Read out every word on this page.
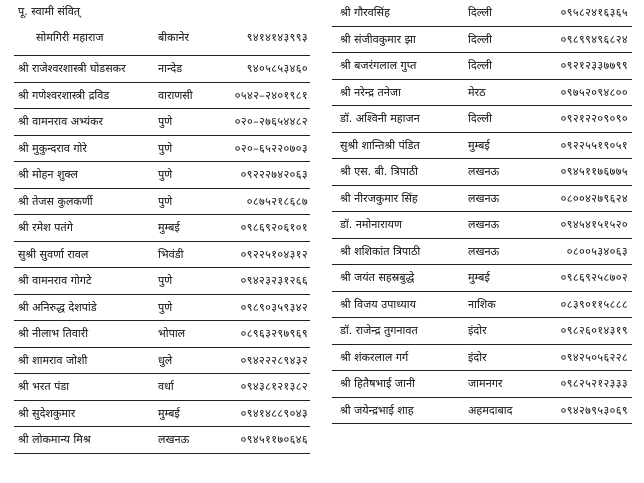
पू. स्वामी संवित्
सोमगिरी महाराज	बीकानेर	९४१४१४३९९३
श्री राजेश्वरशास्त्री घोडसकर	नान्देड	९४०५८५३४६०
श्री गणेश्वरशास्त्री द्रविड	वाराणसी	०५४२–२४०१९८१
श्री वामनराव अभ्यंकर	पुणे	०२०–२७६५४४८२
श्री मुकुन्दराव गोरे	पुणे	०२०–६५२२०७०३
श्री मोहन शुक्ल	पुणे	०९२२२७४२०६३
श्री तेजस कुलकर्णी	पुणे	०८७५२१८६८७
श्री रमेश पतंगे	मुम्बई	०९८६९२०६१०१
सुश्री सुवर्णा रावल	भिवंडी	०९२२५१०४३१२
श्री वामनराव गोगटे	पुणे	०९४२३२३१२६६
श्री अनिरुद्ध देशपांडे	पुणे	०९८९०३५९३४२
श्री नीलाभ तिवारी	भोपाल	०८९६३२९७९६९
श्री शामराव जोशी	धुले	०९४२२२८९४३२
श्री भरत पंडा	वर्धा	०९४३८१२१३८२
श्री सुदेशकुमार	मुम्बई	०९४१४८८९०४३
श्री लोकमान्य मिश्र	लखनऊ	०९४५११७०६४६
श्री गौरवसिंह	दिल्ली	०९५८२४१६३६५
श्री संजीवकुमार झा	दिल्ली	०९८९९४९६८२४
श्री बजरंगलाल गुप्त	दिल्ली	०९२१२३३७७९९
श्री नरेन्द्र तनेजा	मेरठ	०९७५२०९४८००
डॉ. अश्विनी महाजन	दिल्ली	०९२१२२०९०९०
सुश्री शान्तिश्री पंडित	मुम्बई	०९२२५५१९०५१
श्री एस. बी. त्रिपाठी	लखनऊ	०९४५११७६७७५
श्री नीरजकुमार सिंह	लखनऊ	०८००४२७९६२४
डॉ. नमोनारायण	लखनऊ	०९४५४१५१५२०
श्री शशिकांत त्रिपाठी	लखनऊ	०८००५३४०६३
श्री जयंत सहस्रबुद्धे	मुम्बई	०९८६९२५८७०२
श्री विजय उपाध्याय	नाशिक	०८३९०११५८८८
डॉ. राजेन्द्र तुगनावत	इंदोर	०९८२६०१४३१९
श्री शंकरलाल गर्ग	इंदोर	०९४२५०५६२२८
श्री हितैषभाई जानी	जामनगर	०९८२५२१२३३३
श्री जयेन्द्रभाई शाह	अहमदाबाद	०९४२७९५३०६९
